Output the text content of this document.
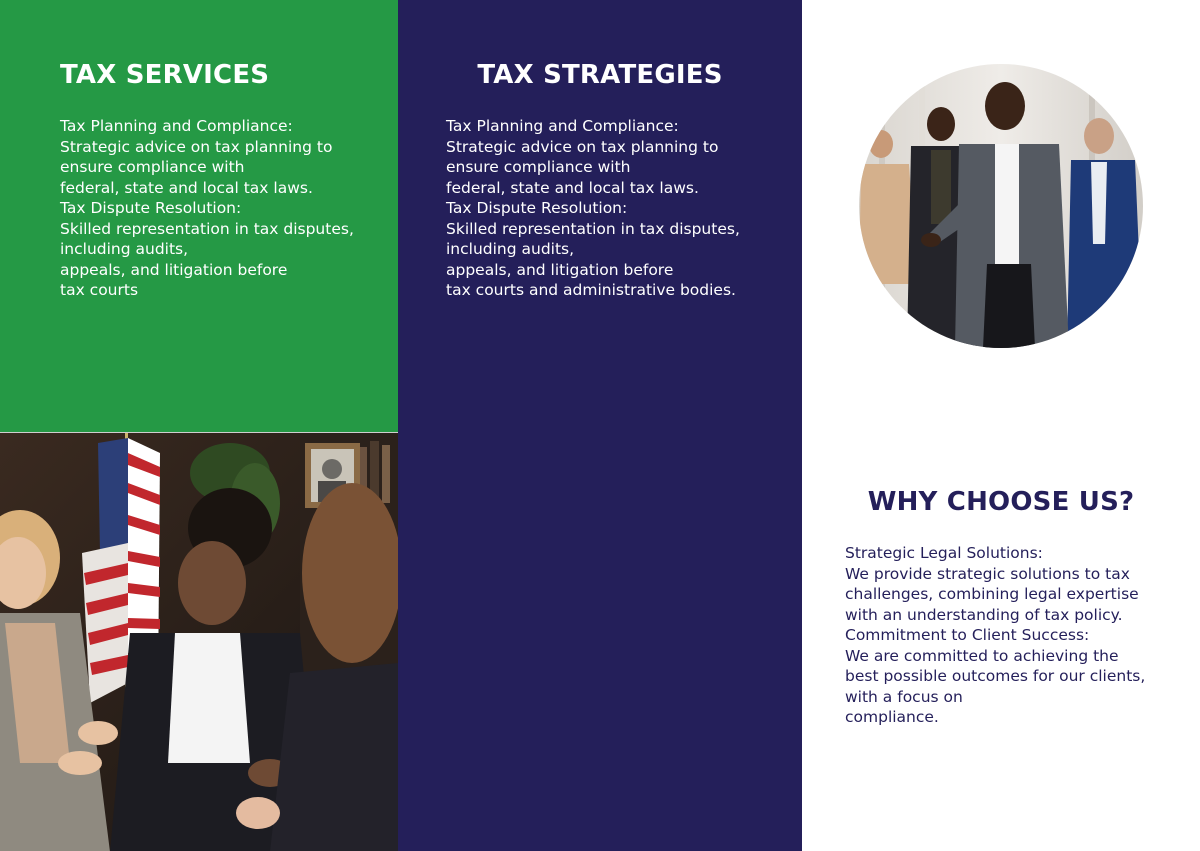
TAX SERVICES
Tax Planning and Compliance:
Strategic advice on tax planning to
ensure compliance with
federal, state and local tax laws.
Tax Dispute Resolution:
Skilled representation in tax disputes,
including audits,
appeals, and litigation before
tax courts
TAX STRATEGIES
Tax Planning and Compliance:
Strategic advice on tax planning to
ensure compliance with
federal, state and local tax laws.
Tax Dispute Resolution:
Skilled representation in tax disputes,
including audits,
appeals, and litigation before
tax courts and administrative bodies.
WHY CHOOSE US?
Strategic Legal Solutions:
We provide strategic solutions to tax
challenges, combining legal expertise
with an understanding of tax policy.
Commitment to Client Success:
We are committed to achieving the
best possible outcomes for our clients,
with a focus on
compliance.
